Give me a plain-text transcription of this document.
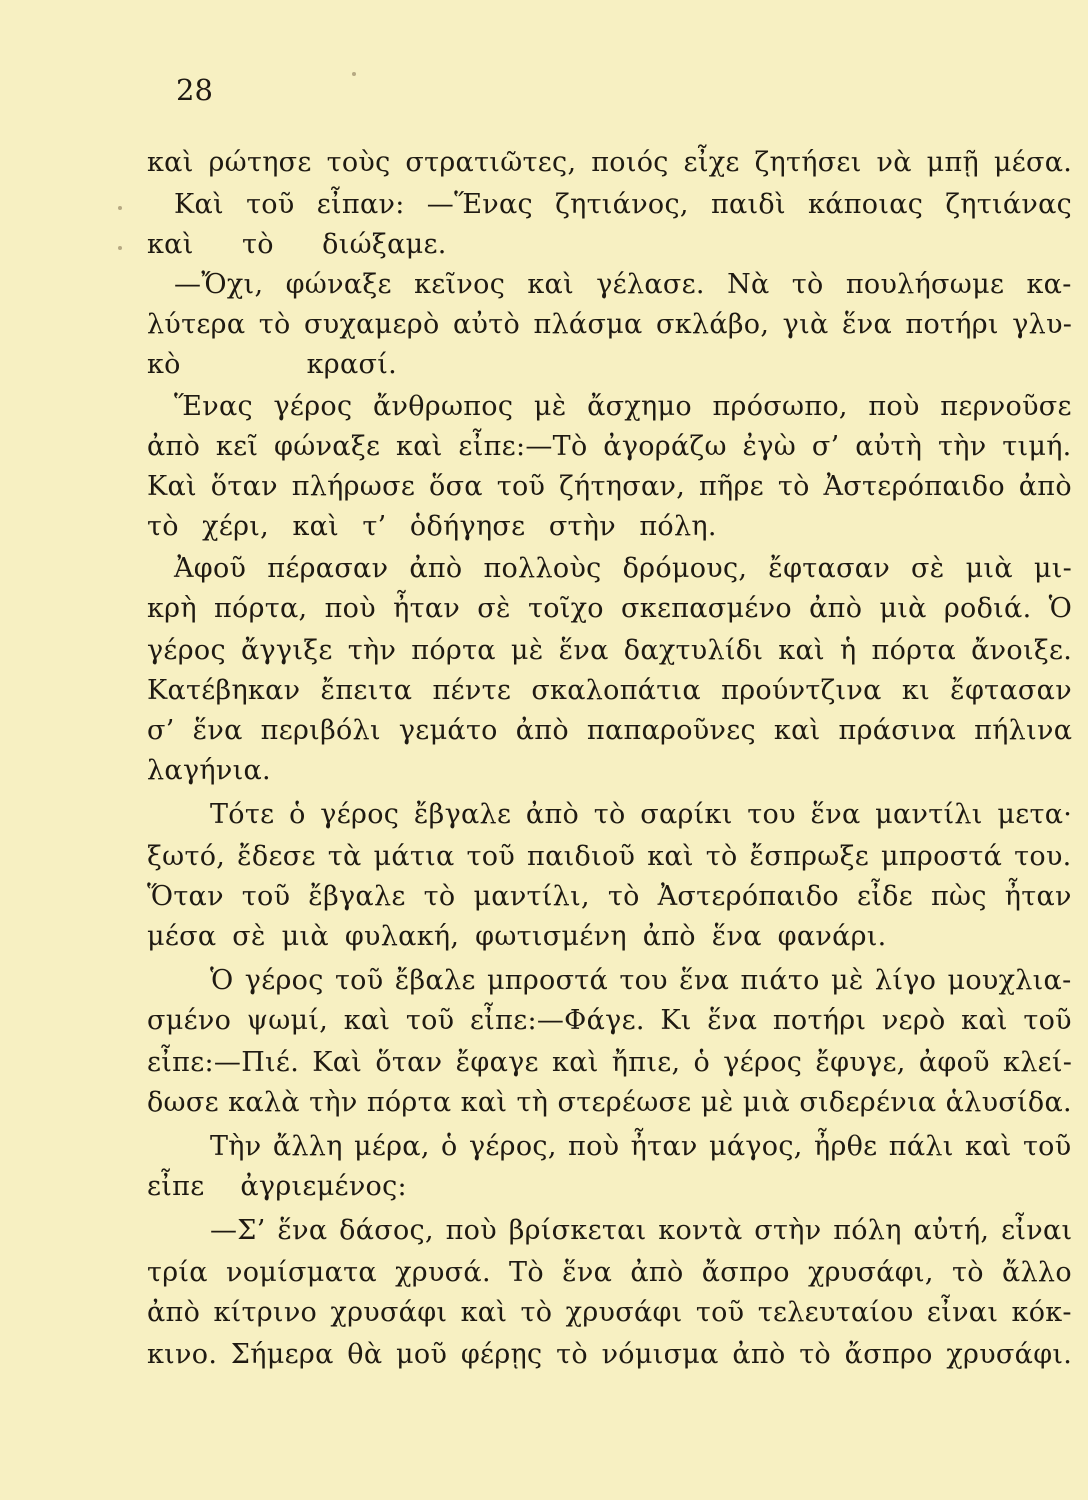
28
καὶ ρώτησε τοὺς στρατιῶτες, ποιός εἶχε ζητήσει νὰ μπῇ μέσα.
Καὶ τοῦ εἶπαν: —Ἕνας ζητιάνος, παιδὶ κάποιας ζητιάνας
καὶ τὸ διώξαμε.
—Ὄχι, φώναξε κεῖνος καὶ γέλασε. Νὰ τὸ πουλήσωμε κα-
λύτερα τὸ συχαμερὸ αὐτὸ πλάσμα σκλάβο, γιὰ ἕνα ποτήρι γλυ-
κὸ κρασί.
Ἕνας γέρος ἄνθρωπος μὲ ἄσχημο πρόσωπο, ποὺ περνοῦσε
ἀπὸ κεῖ φώναξε καὶ εἶπε:—Τὸ ἀγοράζω ἐγὼ σ’ αὐτὴ τὴν τιμή.
Καὶ ὅταν πλήρωσε ὅσα τοῦ ζήτησαν, πῆρε τὸ Ἀστερόπαιδο ἀπὸ
τὸ χέρι, καὶ τ’ ὁδήγησε στὴν πόλη.
Ἀφοῦ πέρασαν ἀπὸ πολλοὺς δρόμους, ἔφτασαν σὲ μιὰ μι-
κρὴ πόρτα, ποὺ ἦταν σὲ τοῖχο σκεπασμένο ἀπὸ μιὰ ροδιά. Ὁ
γέρος ἄγγιξε τὴν πόρτα μὲ ἕνα δαχτυλίδι καὶ ἡ πόρτα ἄνοιξε.
Κατέβηκαν ἔπειτα πέντε σκαλοπάτια προύντζινα κι ἔφτασαν
σ’ ἕνα περιβόλι γεμάτο ἀπὸ παπαροῦνες καὶ πράσινα πήλινα
λαγήνια.
Τότε ὁ γέρος ἔβγαλε ἀπὸ τὸ σαρίκι του ἕνα μαντίλι μετα·
ξωτό, ἔδεσε τὰ μάτια τοῦ παιδιοῦ καὶ τὸ ἔσπρωξε μπροστά του.
Ὅταν τοῦ ἔβγαλε τὸ μαντίλι, τὸ Ἀστερόπαιδο εἶδε πὼς ἦταν
μέσα σὲ μιὰ φυλακή, φωτισμένη ἀπὸ ἕνα φανάρι.
Ὁ γέρος τοῦ ἔβαλε μπροστά του ἕνα πιάτο μὲ λίγο μουχλια-
σμένο ψωμί, καὶ τοῦ εἶπε:—Φάγε. Κι ἕνα ποτήρι νερὸ καὶ τοῦ
εἶπε:—Πιέ. Καὶ ὅταν ἔφαγε καὶ ἤπιε, ὁ γέρος ἔφυγε, ἀφοῦ κλεί-
δωσε καλὰ τὴν πόρτα καὶ τὴ στερέωσε μὲ μιὰ σιδερένια ἁλυσίδα.
Τὴν ἄλλη μέρα, ὁ γέρος, ποὺ ἦταν μάγος, ἦρθε πάλι καὶ τοῦ
εἶπε ἀγριεμένος:
—Σ’ ἕνα δάσος, ποὺ βρίσκεται κοντὰ στὴν πόλη αὐτή, εἶναι
τρία νομίσματα χρυσά. Τὸ ἕνα ἀπὸ ἄσπρο χρυσάφι, τὸ ἄλλο
ἀπὸ κίτρινο χρυσάφι καὶ τὸ χρυσάφι τοῦ τελευταίου εἶναι κόκ-
κινο. Σήμερα θὰ μοῦ φέρῃς τὸ νόμισμα ἀπὸ τὸ ἄσπρο χρυσάφι.
